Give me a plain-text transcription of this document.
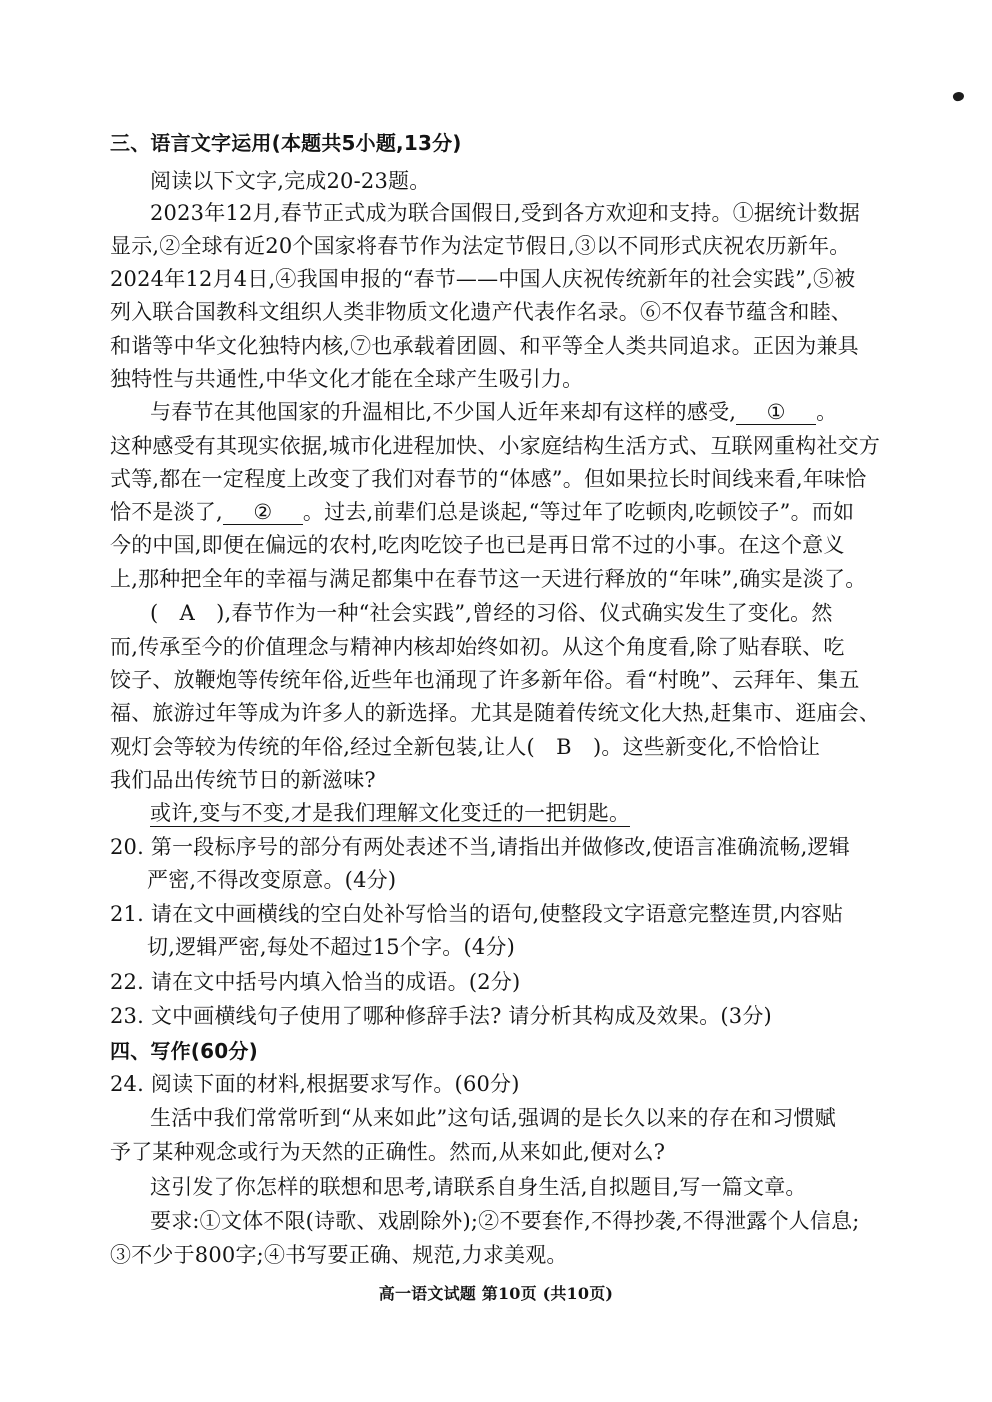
三、语言文字运用(本题共5小题,13分)
阅读以下文字,完成20-23题。
2023年12月,春节正式成为联合国假日,受到各方欢迎和支持。①据统计数据
显示,②全球有近20个国家将春节作为法定节假日,③以不同形式庆祝农历新年。
2024年12月4日,④我国申报的“春节——中国人庆祝传统新年的社会实践”,⑤被
列入联合国教科文组织人类非物质文化遗产代表作名录。⑥不仅春节蕴含和睦、
和谐等中华文化独特内核,⑦也承载着团圆、和平等全人类共同追求。正因为兼具
独特性与共通性,中华文化才能在全球产生吸引力。
与春节在其他国家的升温相比,不少国人近年来却有这样的感受, ① 。
这种感受有其现实依据,城市化进程加快、小家庭结构生活方式、互联网重构社交方
式等,都在一定程度上改变了我们对春节的“体感”。但如果拉长时间线来看,年味恰
恰不是淡了, ② 。过去,前辈们总是谈起,“等过年了吃顿肉,吃顿饺子”。而如
今的中国,即便在偏远的农村,吃肉吃饺子也已是再日常不过的小事。在这个意义
上,那种把全年的幸福与满足都集中在春节这一天进行释放的“年味”,确实是淡了。
(　A　),春节作为一种“社会实践”,曾经的习俗、仪式确实发生了变化。然
而,传承至今的价值理念与精神内核却始终如初。从这个角度看,除了贴春联、吃
饺子、放鞭炮等传统年俗,近些年也涌现了许多新年俗。看“村晚”、云拜年、集五
福、旅游过年等成为许多人的新选择。尤其是随着传统文化大热,赶集市、逛庙会、
观灯会等较为传统的年俗,经过全新包装,让人(　B　)。这些新变化,不恰恰让
我们品出传统节日的新滋味?
或许,变与不变,才是我们理解文化变迁的一把钥匙。
20. 第一段标序号的部分有两处表述不当,请指出并做修改,使语言准确流畅,逻辑
严密,不得改变原意。(4分)
21. 请在文中画横线的空白处补写恰当的语句,使整段文字语意完整连贯,内容贴
切,逻辑严密,每处不超过15个字。(4分)
22. 请在文中括号内填入恰当的成语。(2分)
23. 文中画横线句子使用了哪种修辞手法? 请分析其构成及效果。(3分)
四、写作(60分)
24. 阅读下面的材料,根据要求写作。(60分)
生活中我们常常听到“从来如此”这句话,强调的是长久以来的存在和习惯赋
予了某种观念或行为天然的正确性。然而,从来如此,便对么?
这引发了你怎样的联想和思考,请联系自身生活,自拟题目,写一篇文章。
要求:①文体不限(诗歌、戏剧除外);②不要套作,不得抄袭,不得泄露个人信息;
③不少于800字;④书写要正确、规范,力求美观。
高一语文试题 第10页 (共10页)
